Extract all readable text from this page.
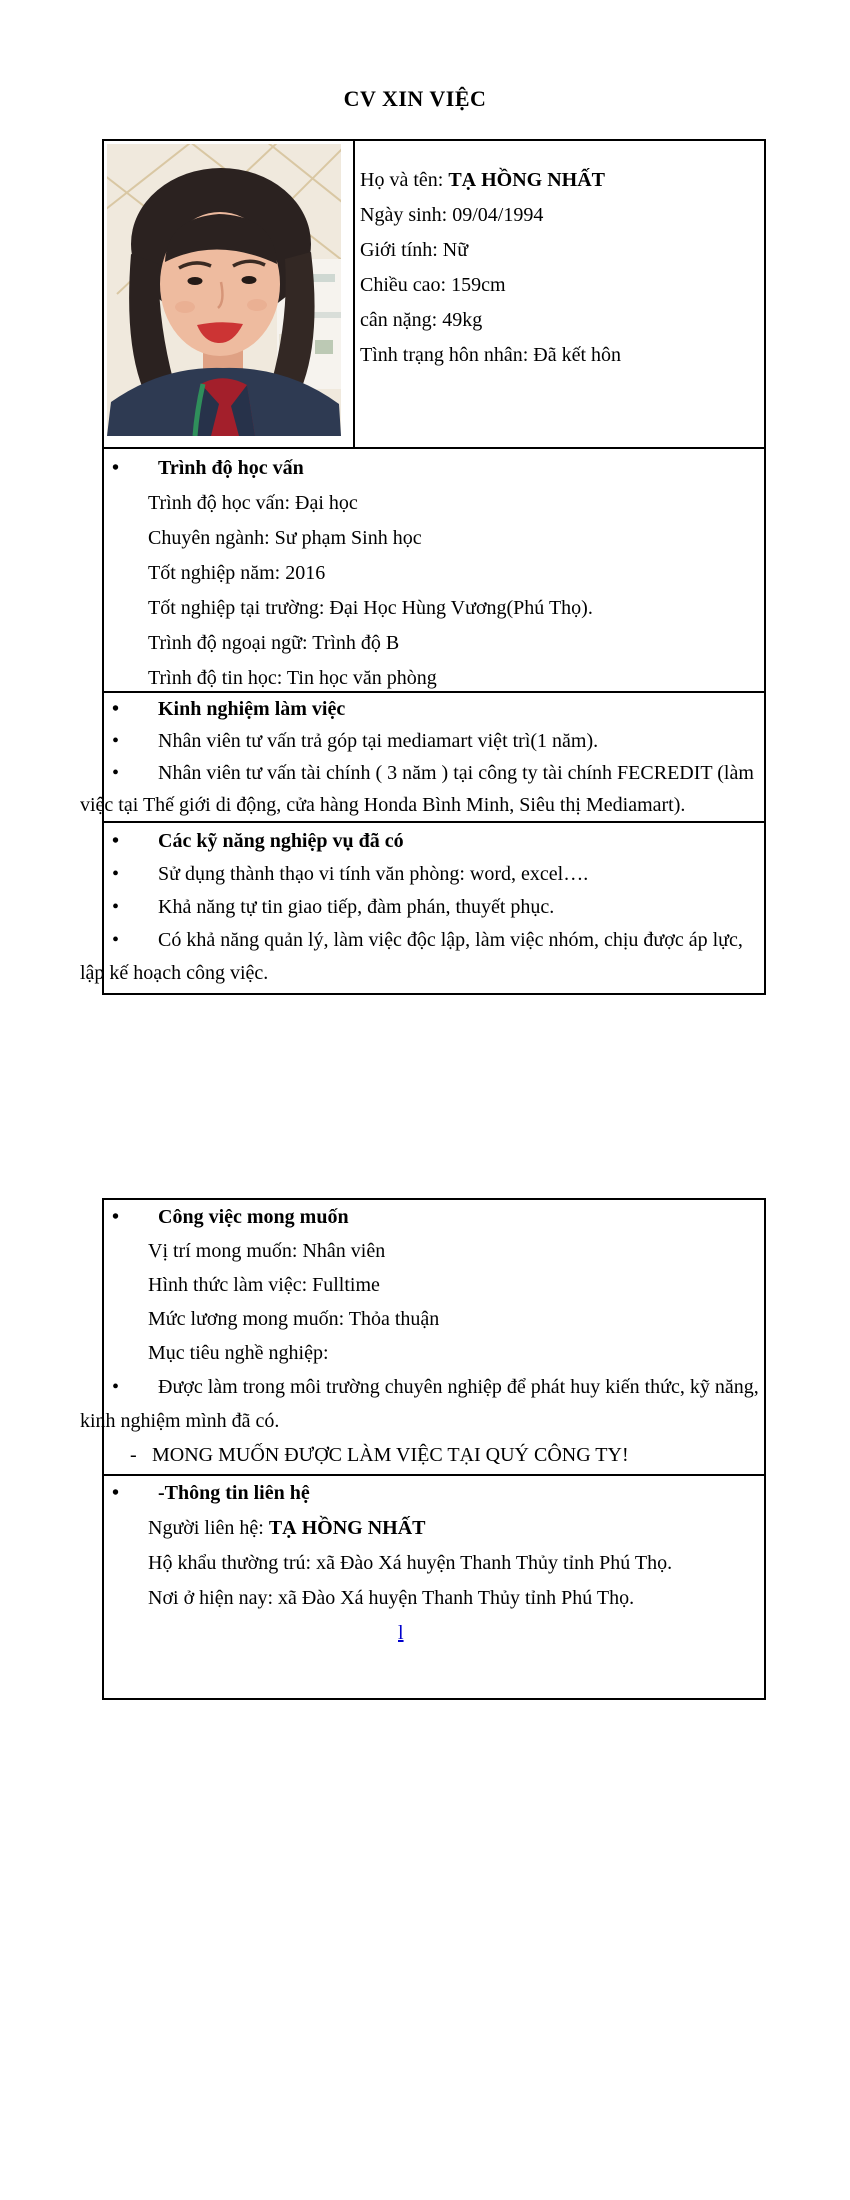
CV XIN VIỆC
Họ và tên: TẠ HỒNG NHẤT
Ngày sinh: 09/04/1994
Giới tính: Nữ
Chiều cao: 159cm
cân nặng: 49kg
Tình trạng hôn nhân: Đã kết hôn
• Trình độ học vấn
Trình độ học vấn: Đại học
Chuyên ngành: Sư phạm Sinh học
Tốt nghiệp năm: 2016
Tốt nghiệp tại trường: Đại Học Hùng Vương(Phú Thọ).
Trình độ ngoại ngữ: Trình độ B
Trình độ tin học: Tin học văn phòng
• Kinh nghiệm làm việc
• Nhân viên tư vấn trả góp tại mediamart việt trì(1 năm).
• Nhân viên tư vấn tài chính ( 3 năm ) tại công ty tài chính FECREDIT (làm việc tại Thế giới di động, cửa hàng Honda Bình Minh, Siêu thị Mediamart).
• Các kỹ năng nghiệp vụ đã có
• Sử dụng thành thạo vi tính văn phòng: word, excel….
• Khả năng tự tin giao tiếp, đàm phán, thuyết phục.
• Có khả năng quản lý, làm việc độc lập, làm việc nhóm, chịu được áp lực, lập kế hoạch công việc.
• Công việc mong muốn
Vị trí mong muốn: Nhân viên
Hình thức làm việc: Fulltime
Mức lương mong muốn: Thỏa thuận
Mục tiêu nghề nghiệp:
• Được làm trong môi trường chuyên nghiệp để phát huy kiến thức, kỹ năng, kinh nghiệm mình đã có.
- MONG MUỐN ĐƯỢC LÀM VIỆC TẠI QUÝ CÔNG TY!
• -Thông tin liên hệ
Người liên hệ: TẠ HỒNG NHẤT
Hộ khẩu thường trú: xã Đào Xá huyện Thanh Thủy tỉnh Phú Thọ.
Nơi ở hiện nay: xã Đào Xá huyện Thanh Thủy tỉnh Phú Thọ.
l
